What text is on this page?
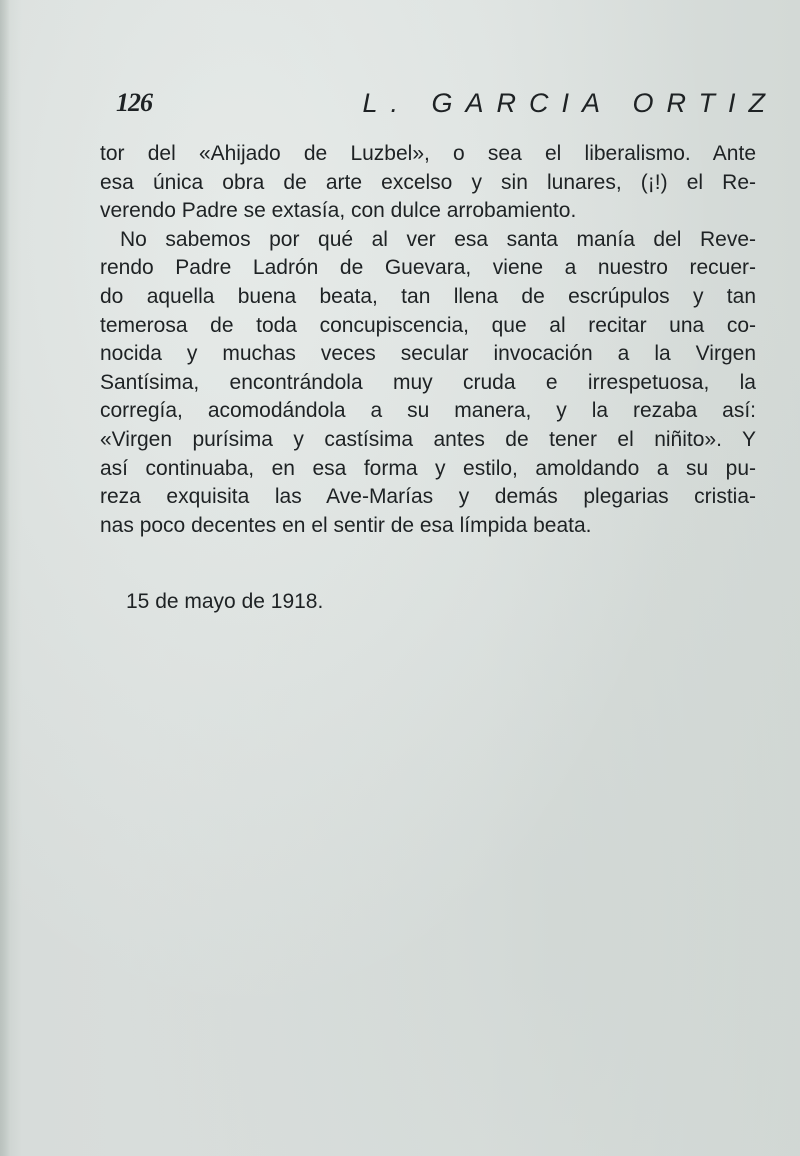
126	L. GARCIA ORTIZ
tor del «Ahijado de Luzbel», o sea el liberalismo. Ante
esa única obra de arte excelso y sin lunares, (¡!) el Re-
verendo Padre se extasía, con dulce arrobamiento.
No sabemos por qué al ver esa santa manía del Reve-
rendo Padre Ladrón de Guevara, viene a nuestro recuer-
do aquella buena beata, tan llena de escrúpulos y tan
temerosa de toda concupiscencia, que al recitar una co-
nocida y muchas veces secular invocación a la Virgen
Santísima, encontrándola muy cruda e irrespetuosa, la
corregía, acomodándola a su manera, y la rezaba así:
«Virgen purísima y castísima antes de tener el niñito». Y
así continuaba, en esa forma y estilo, amoldando a su pu-
reza exquisita las Ave-Marías y demás plegarias cristia-
nas poco decentes en el sentir de esa límpida beata.
15 de mayo de 1918.
